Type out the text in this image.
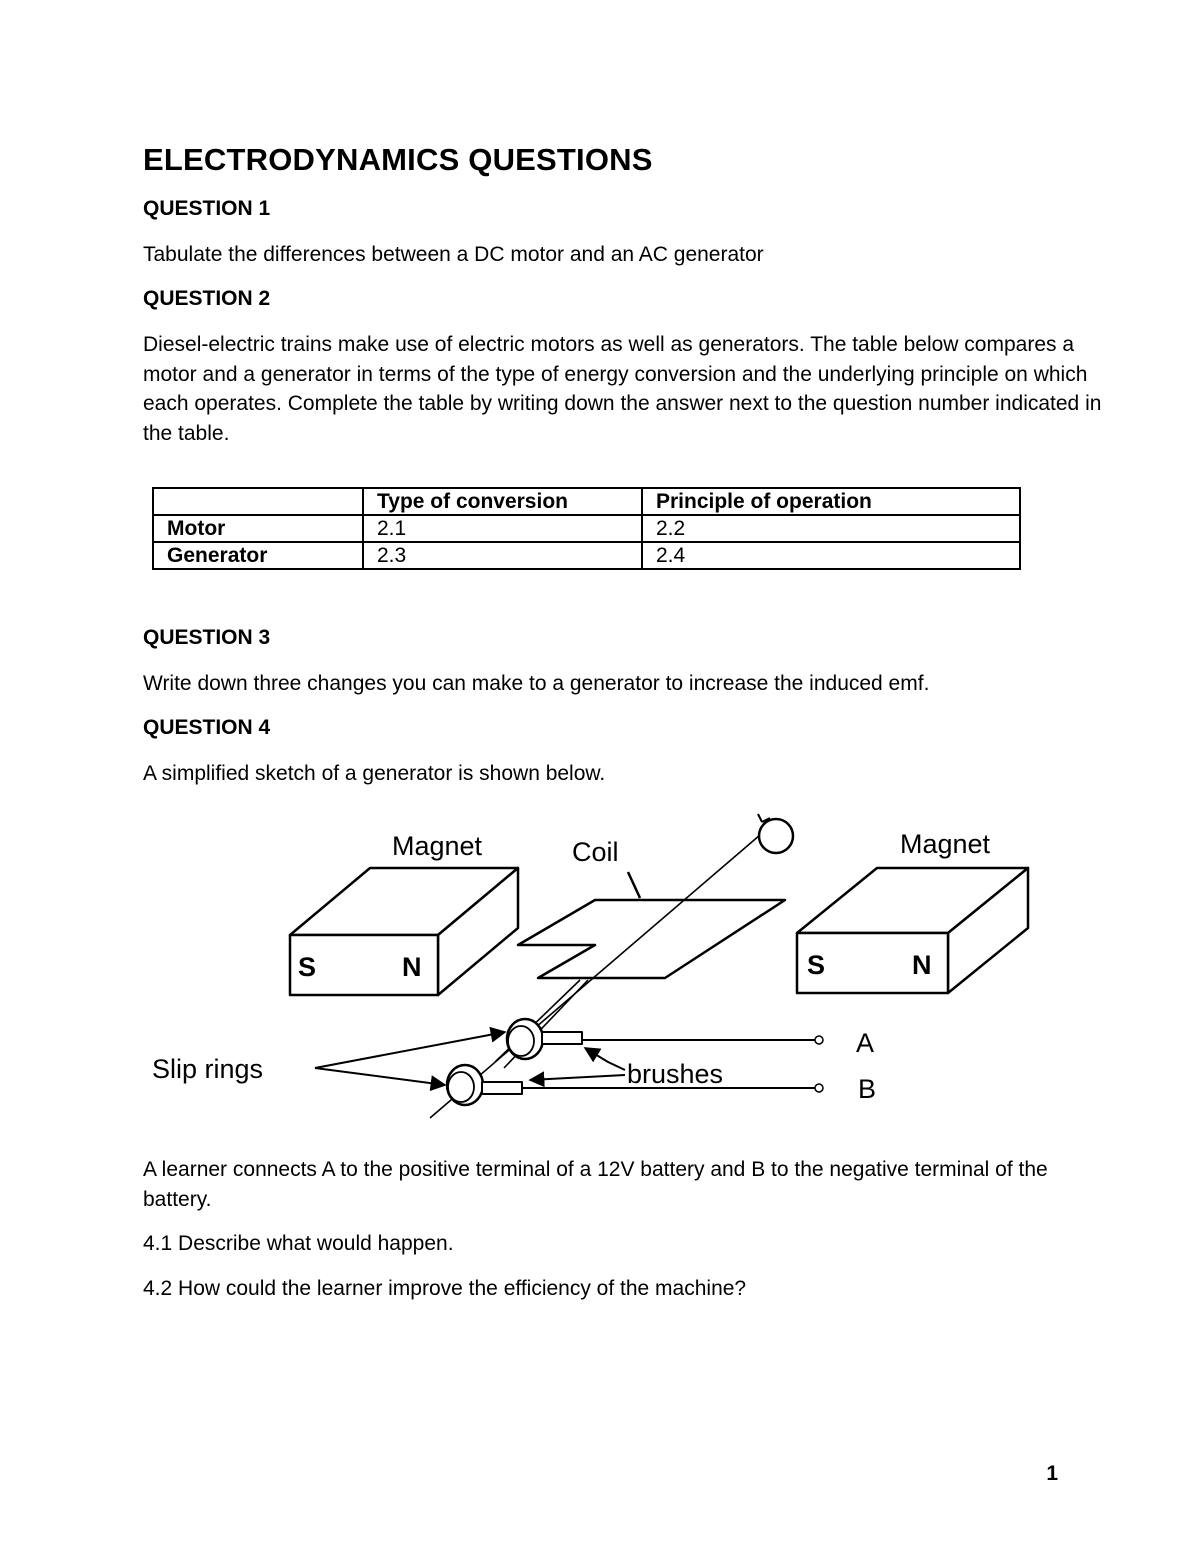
ELECTRODYNAMICS QUESTIONS
QUESTION 1

Tabulate the differences between a DC motor and an AC generator

QUESTION 2

Diesel-electric trains make use of electric motors as well as generators. The table below compares a motor and a generator in terms of the type of energy conversion and the underlying principle on which each operates. Complete the table by writing down the answer next to the question number indicated in the table.

	Type of conversion	Principle of operation
Motor	2.1	2.2
Generator	2.3	2.4
QUESTION 3

Write down three changes you can make to a generator to increase the induced emf.

QUESTION 4

A simplified sketch of a generator is shown below.

Magnet	Coil	Magnet
S	N	S	N
Slip rings	brushes
A
B

A learner connects A to the positive terminal of a 12V battery and B to the negative terminal of the battery.

4.1 Describe what would happen.

4.2 How could the learner improve the efficiency of the machine?

1
